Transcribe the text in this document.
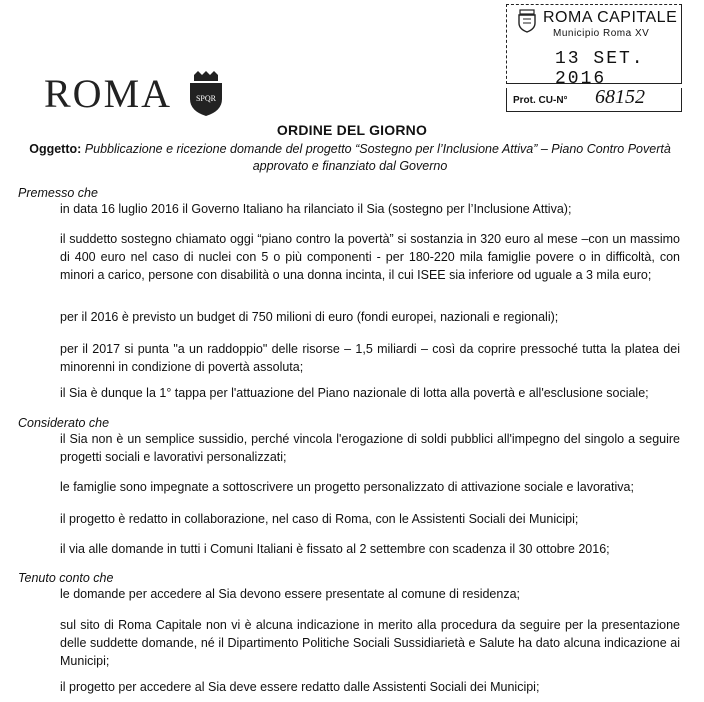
ROMA	SPQR
ROMA CAPITALE
Municipio Roma XV
13 SET. 2016
Prot. CU-N° 68152
ORDINE DEL GIORNO
Oggetto: Pubblicazione e ricezione domande del progetto “Sostegno per l’Inclusione Attiva” – Piano Contro Povertà approvato e finanziato dal Governo
Premesso che
in data 16 luglio 2016 il Governo Italiano ha rilanciato il Sia (sostegno per l’Inclusione Attiva);
il suddetto sostegno chiamato oggi “piano contro la povertà” si sostanzia in 320 euro al mese –con un massimo di 400 euro nel caso di nuclei con 5 o più componenti - per 180-220 mila famiglie povere o in difficoltà, con minori a carico, persone con disabilità o una donna incinta, il cui ISEE sia inferiore od uguale a 3 mila euro;
per il 2016 è previsto un budget di 750 milioni di euro (fondi europei, nazionali e regionali);
per il 2017 si punta "a un raddoppio" delle risorse – 1,5 miliardi – così da coprire pressoché tutta la platea dei minorenni in condizione di povertà assoluta;
il Sia è dunque la 1° tappa per l'attuazione del Piano nazionale di lotta alla povertà e all'esclusione sociale;
Considerato che
il Sia non è un semplice sussidio, perché vincola l'erogazione di soldi pubblici all'impegno del singolo a seguire progetti sociali e lavorativi personalizzati;
le famiglie sono impegnate a sottoscrivere un progetto personalizzato di attivazione sociale e lavorativa;
il progetto è redatto in collaborazione, nel caso di Roma, con le Assistenti Sociali dei Municipi;
il via alle domande in tutti i Comuni Italiani è fissato al 2 settembre con scadenza il 30 ottobre 2016;
Tenuto conto che
le domande per accedere al Sia devono essere presentate al comune di residenza;
sul sito di Roma Capitale non vi è alcuna indicazione in merito alla procedura da seguire per la presentazione delle suddette domande, né il Dipartimento Politiche Sociali Sussidiarietà e Salute ha dato alcuna indicazione ai Municipi;
il progetto per accedere al Sia deve essere redatto dalle Assistenti Sociali dei Municipi;
